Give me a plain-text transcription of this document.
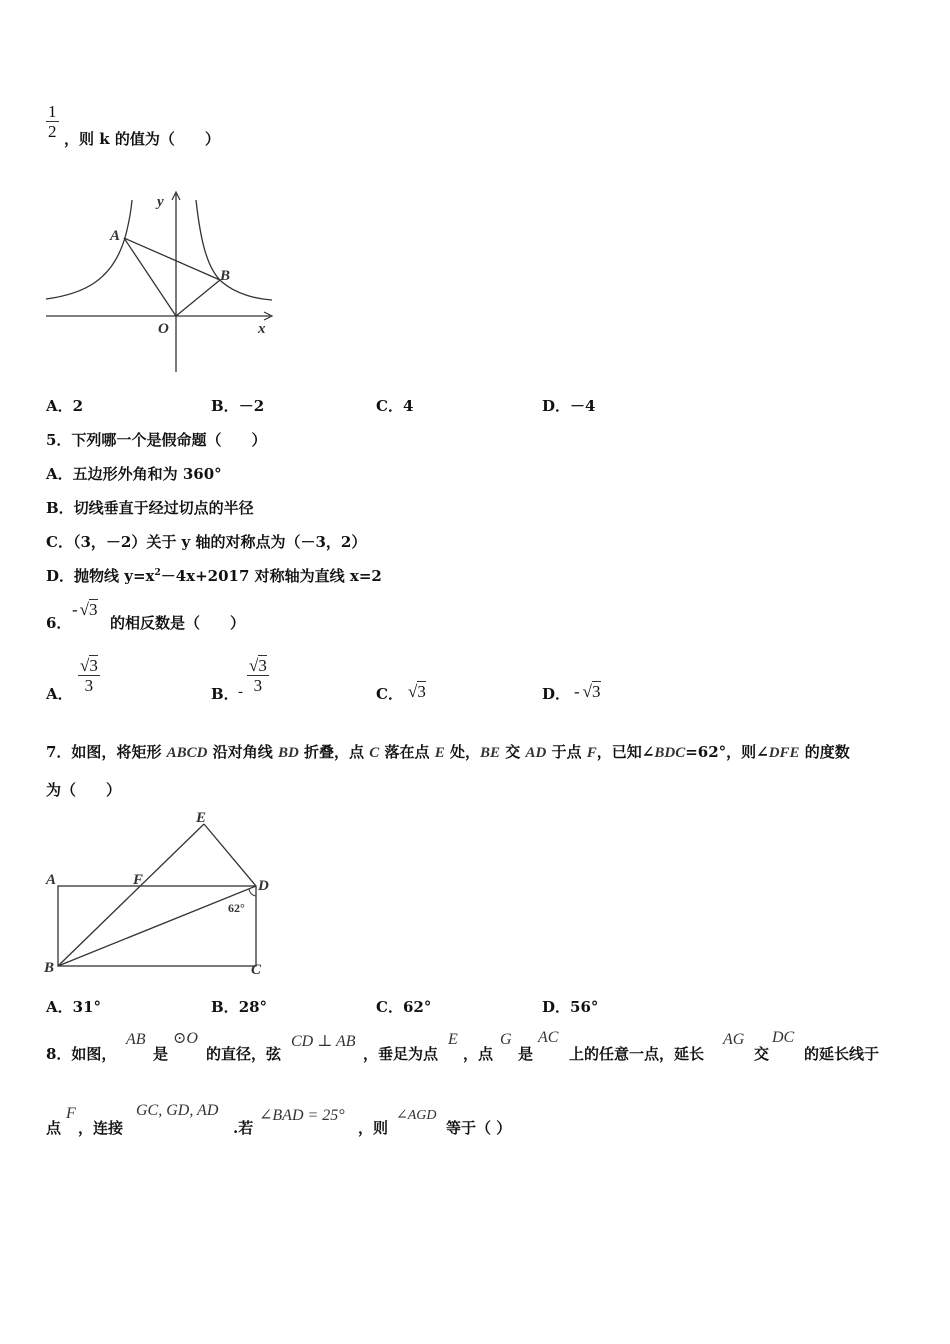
$\frac{1}{2}$ ，则 k 的值为（　　）
y
x
O
A
B
A．2	B．－2	C．4	D．－4
5．下列哪一个是假命题（　　）
A．五边形外角和为 360°
B．切线垂直于经过切点的半径
C．（3，－2）关于 y 轴的对称点为（－3，2）
D．抛物线 $y=x^2-4x+2017$ 对称轴为直线 x=2
6．
- √3
的相反数是（　　）
A． $\frac{√3}{3}$	B． - $\frac{√3}{3}$	C． √3	D． - √3
7．如图，将矩形 ABCD 沿对角线 BD 折叠，点 C 落在点 E 处，BE 交 AD 于点 F，已知∠BDC=62°，则∠DFE 的度数
为（　　）
A
B	C
D
E
F
62°
A．31°	B．28°	C．62°	D．56°
8．如图，
AB
是
⊙O
的直径，弦
CD ⊥ AB
，垂足为点
E
，点
G
是
AC
上的任意一点，延长
AG
交
DC
的延长线于
点
F
，连接
GC, GD, AD
.若
∠BAD = 25°
，则
∠AGD
等于（ ）
